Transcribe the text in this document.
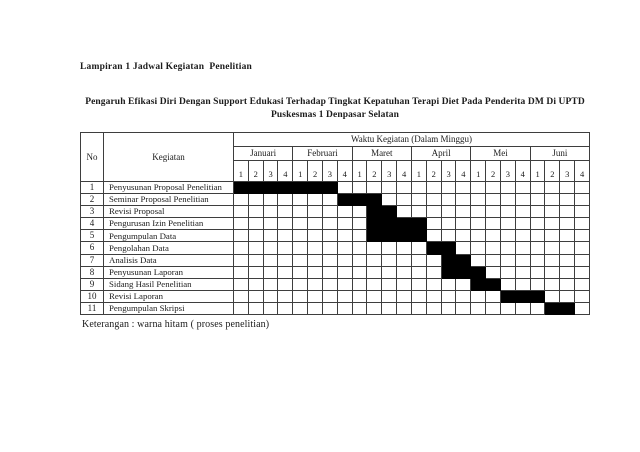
Lampiran 1 Jadwal Kegiatan  Penelitian
Pengaruh Efikasi Diri Dengan Support Edukasi Terhadap Tingkat Kepatuhan Terapi Diet Pada Penderita DM Di UPTD
Puskesmas 1 Denpasar Selatan
No	Kegiatan
Waktu Kegiatan (Dalam Minggu)
Januari	Februari	Maret	April	Mei	Juni
1	2	3	4	1	2	3	4	1	2	3	4	1	2	3	4	1	2	3	4	1	2	3	4
1	Penyusunan Proposal Penelitian
2	Seminar Proposal Penelitian
3	Revisi Proposal
4	Pengurusan Izin Penelitian
5	Pengumpulan Data
6	Pengolahan Data
7	Analisis Data
8	Penyusunan Laporan
9	Sidang Hasil Penelitian
10	Revisi Laporan
11	Pengumpulan Skripsi
Keterangan : warna hitam ( proses penelitian)
